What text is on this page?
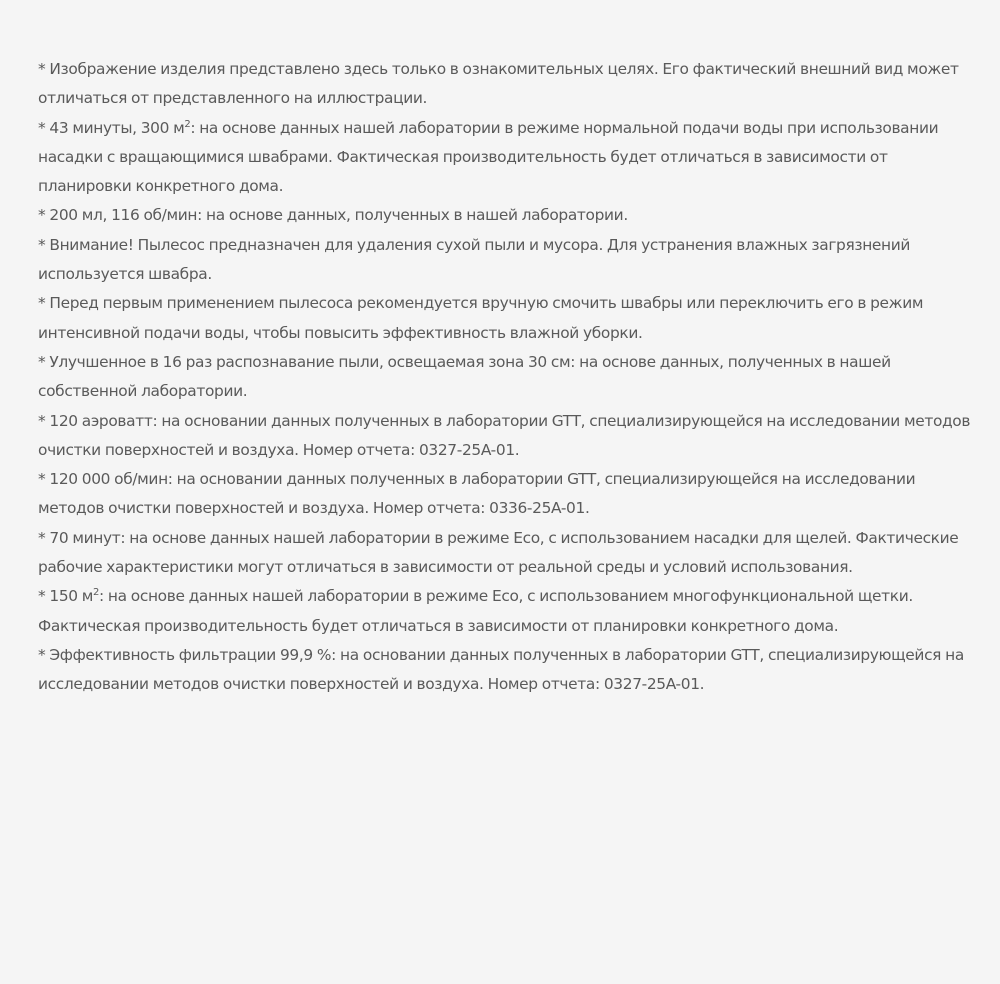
* Изображение изделия представлено здесь только в ознакомительных целях. Его фактический внешний вид может отличаться от представленного на иллюстрации.

* 43 минуты, 300 $м^2$: на основе данных нашей лаборатории в режиме нормальной подачи воды при использовании насадки с вращающимися швабрами. Фактическая производительность будет отличаться в зависимости от планировки конкретного дома.

* 200 мл, 116 об/мин: на основе данных, полученных в нашей лаборатории.

* Внимание! Пылесос предназначен для удаления сухой пыли и мусора. Для устранения влажных загрязнений используется швабра.

* Перед первым применением пылесоса рекомендуется вручную смочить швабры или переключить его в режим интенсивной подачи воды, чтобы повысить эффективность влажной уборки.

* Улучшенное в 16 раз распознавание пыли, освещаемая зона 30 см: на основе данных, полученных в нашей собственной лаборатории.

* 120 аэроватт: на основании данных полученных в лаборатории GTT, специализирующейся на исследовании методов очистки поверхностей и воздуха. Номер отчета: 0327-25A-01.

* 120 000 об/мин: на основании данных полученных в лаборатории GTT, специализирующейся на исследовании методов очистки поверхностей и воздуха. Номер отчета: 0336-25A-01.

* 70 минут: на основе данных нашей лаборатории в режиме Eco, с использованием насадки для щелей. Фактические рабочие характеристики могут отличаться в зависимости от реальной среды и условий использования.

* 150 $м^2$: на основе данных нашей лаборатории в режиме Eco, с использованием многофункциональной щетки. Фактическая производительность будет отличаться в зависимости от планировки конкретного дома.

* Эффективность фильтрации 99,9 %: на основании данных полученных в лаборатории GTT, специализирующейся на исследовании методов очистки поверхностей и воздуха. Номер отчета: 0327-25A-01.
